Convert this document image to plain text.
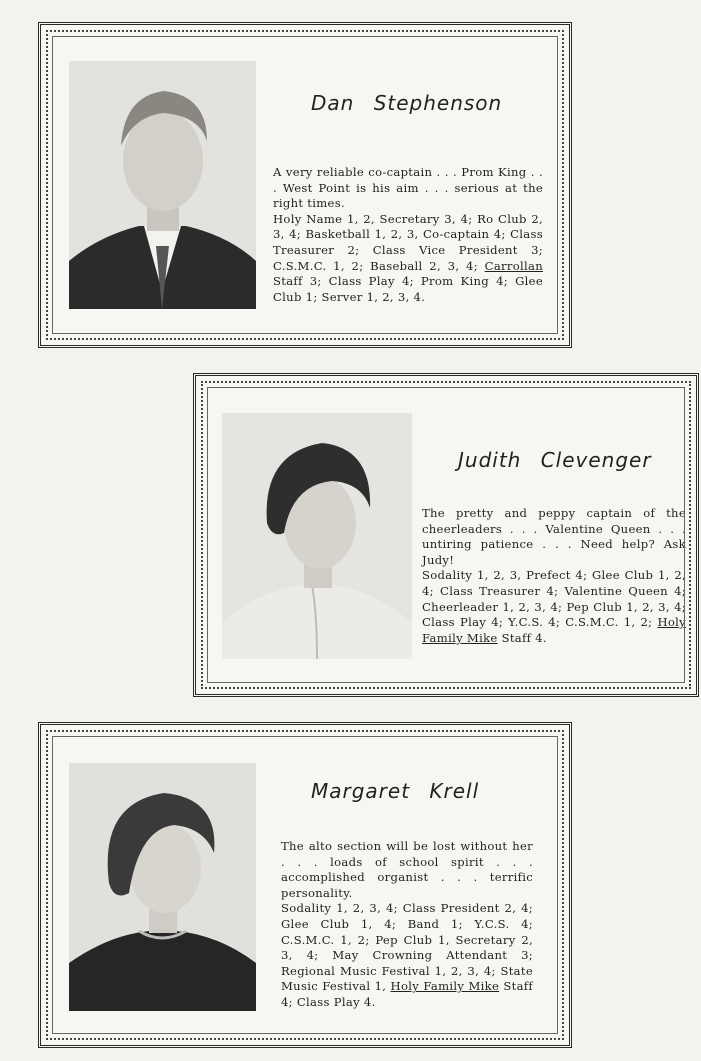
Dan Stephenson

A very reliable co-captain . . . Prom King . . . West Point is his aim . . . serious at the right times.

Holy Name 1, 2, Secretary 3, 4; Ro Club 2, 3, 4; Basketball 1, 2, 3, Co-captain 4; Class Treasurer 2; Class Vice President 3; C.S.M.C. 1, 2; Baseball 2, 3, 4; Carrollan Staff 3; Class Play 4; Prom King 4; Glee Club 1; Server 1, 2, 3, 4.

Judith Clevenger

The pretty and peppy captain of the cheerleaders . . . Valentine Queen . . . untiring patience . . . Need help? Ask Judy!

Sodality 1, 2, 3, Prefect 4; Glee Club 1, 2, 4; Class Treasurer 4; Valentine Queen 4; Cheerleader 1, 2, 3, 4; Pep Club 1, 2, 3, 4; Class Play 4; Y.C.S. 4; C.S.M.C. 1, 2; Holy Family Mike Staff 4.

Margaret Krell

The alto section will be lost without her . . . loads of school spirit . . . accomplished organist . . . terrific personality.

Sodality 1, 2, 3, 4; Class President 2, 4; Glee Club 1, 4; Band 1; Y.C.S. 4; C.S.M.C. 1, 2; Pep Club 1, Secretary 2, 3, 4; May Crowning Attendant 3; Regional Music Festival 1, 2, 3, 4; State Music Festival 1, Holy Family Mike Staff 4; Class Play 4.
